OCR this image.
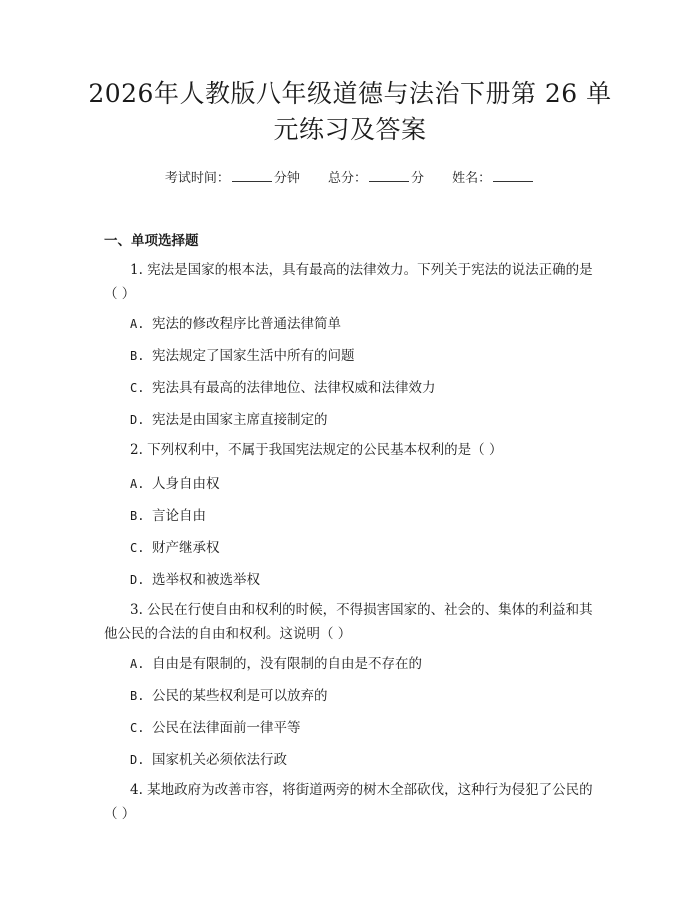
2026年人教版八年级道德与法治下册第 26 单元练习及答案
考试时间：	分钟 总分：	分 姓名：
一、单项选择题
1. 宪法是国家的根本法，具有最高的法律效力。下列关于宪法的说法正确的是（ ）
A. 宪法的修改程序比普通法律简单
B. 宪法规定了国家生活中所有的问题
C. 宪法具有最高的法律地位、法律权威和法律效力
D. 宪法是由国家主席直接制定的
2. 下列权利中，不属于我国宪法规定的公民基本权利的是（ ）
A. 人身自由权
B. 言论自由
C. 财产继承权
D. 选举权和被选举权
3. 公民在行使自由和权利的时候，不得损害国家的、社会的、集体的利益和其他公民的合法的自由和权利。这说明（ ）
A. 自由是有限制的，没有限制的自由是不存在的
B. 公民的某些权利是可以放弃的
C. 公民在法律面前一律平等
D. 国家机关必须依法行政
4. 某地政府为改善市容，将街道两旁的树木全部砍伐，这种行为侵犯了公民的（ ）
